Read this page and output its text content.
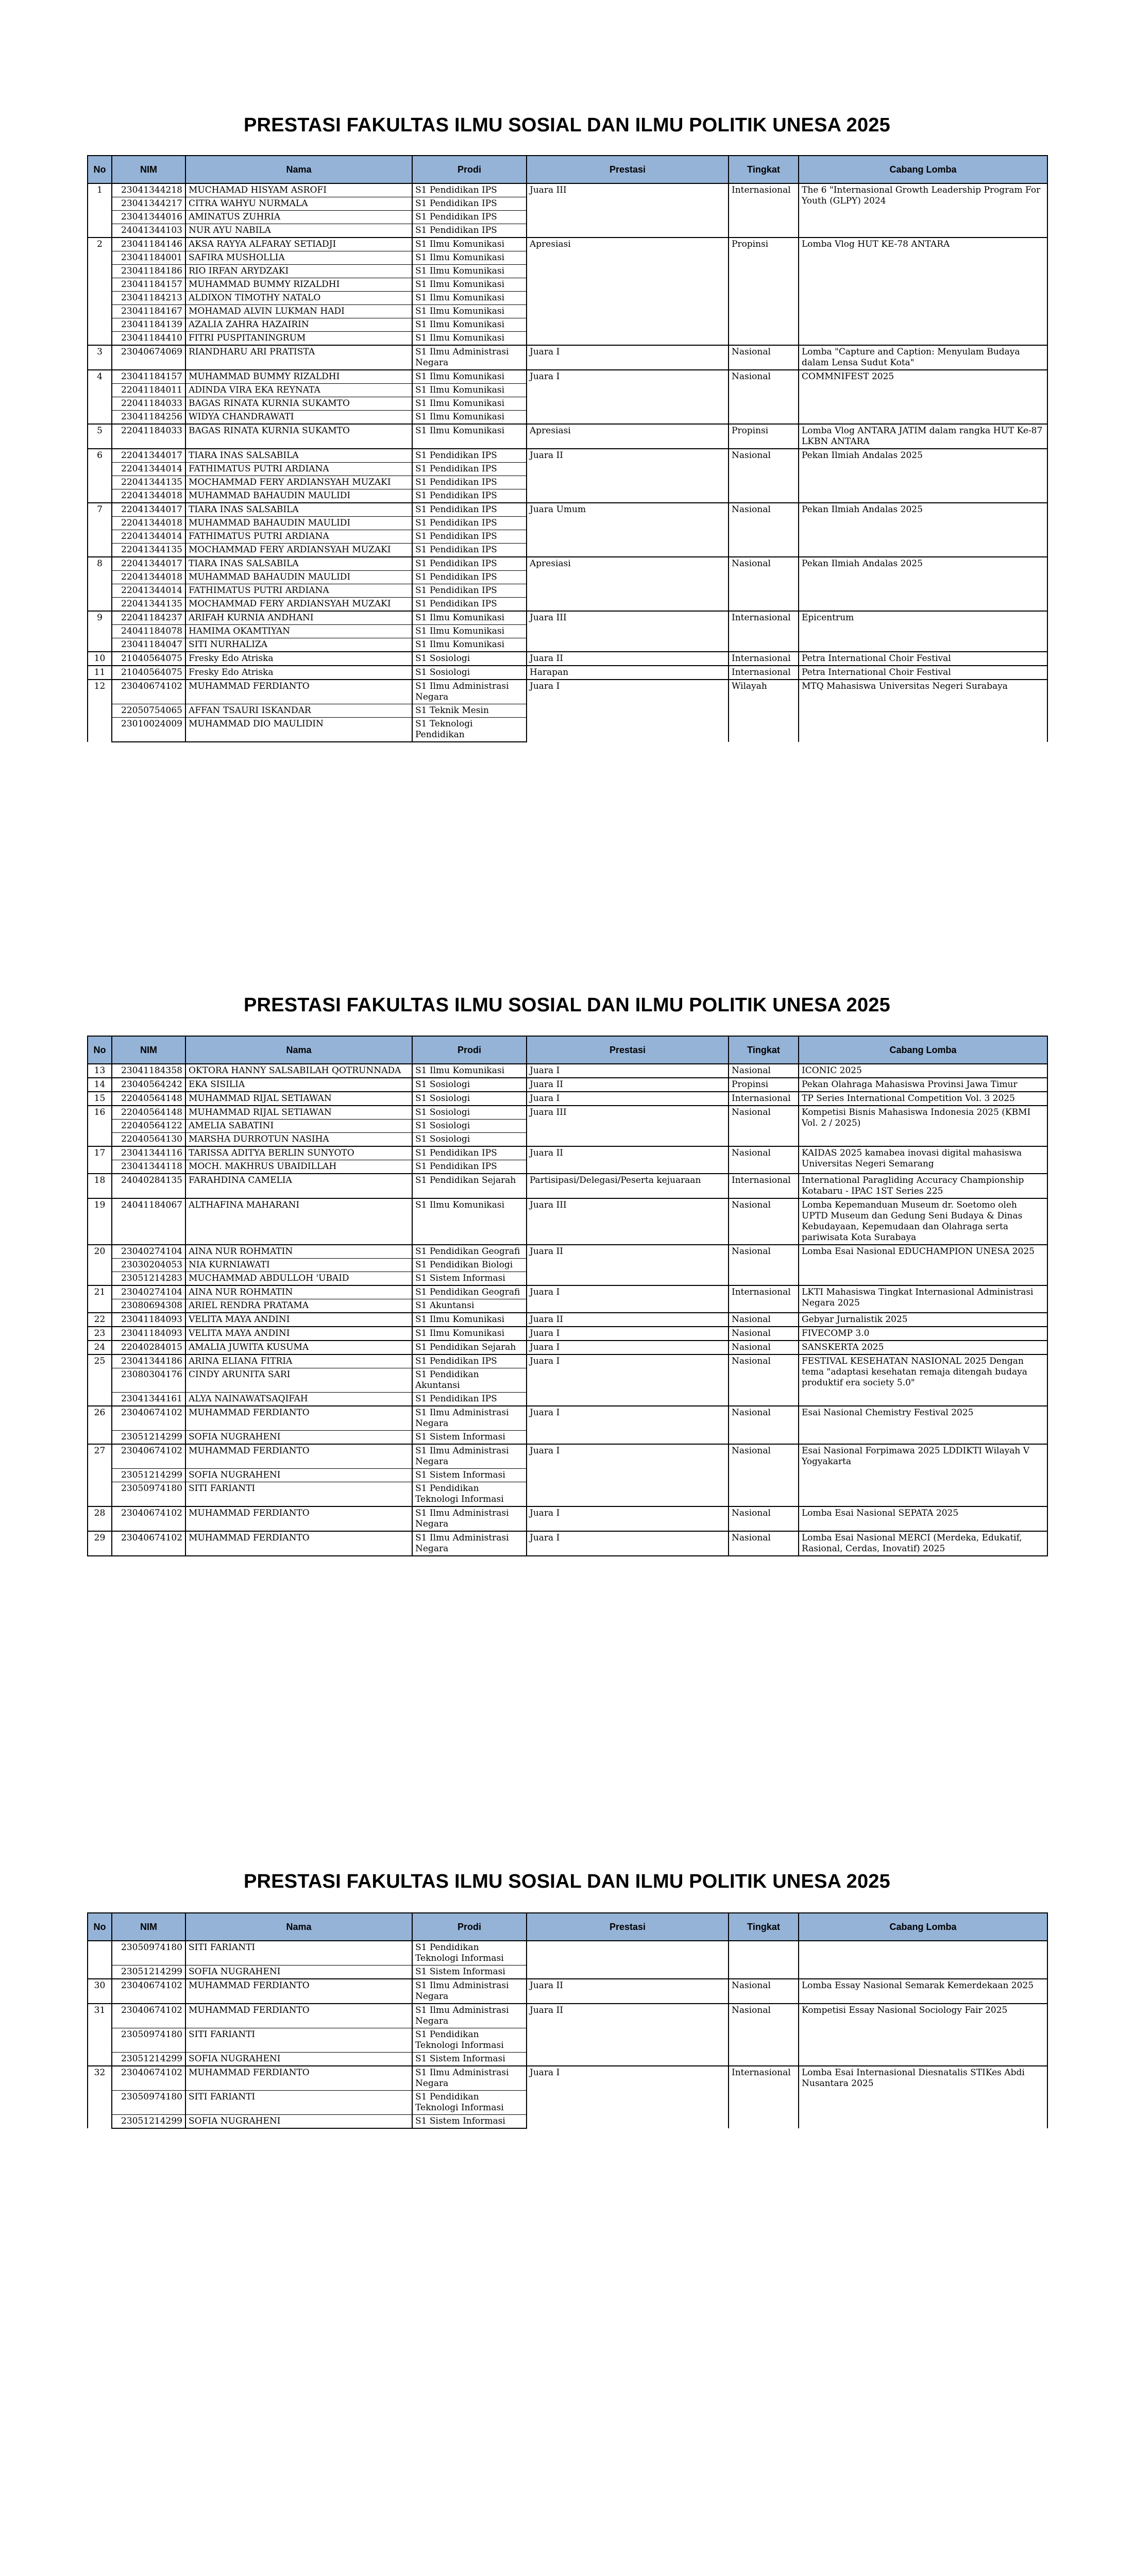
PRESTASI FAKULTAS ILMU SOSIAL DAN ILMU POLITIK UNESA 2025
No	NIM	Nama	Prodi	Prestasi	Tingkat	Cabang Lomba
1	23041344218	MUCHAMAD HISYAM ASROFI	S1 Pendidikan IPS	Juara III	Internasional	The 6 "Internasional Growth Leadership Program For Youth (GLPY) 2024
	23041344217	CITRA WAHYU NURMALA	S1 Pendidikan IPS			
	23041344016	AMINATUS ZUHRIA	S1 Pendidikan IPS			
	24041344103	NUR AYU NABILA	S1 Pendidikan IPS			
2	23041184146	AKSA RAYYA ALFARAY SETIADJI	S1 Ilmu Komunikasi	Apresiasi	Propinsi	Lomba Vlog HUT KE-78 ANTARA
	23041184001	SAFIRA MUSHOLLIA	S1 Ilmu Komunikasi			
	23041184186	RIO IRFAN ARYDZAKI	S1 Ilmu Komunikasi			
	23041184157	MUHAMMAD BUMMY RIZALDHI	S1 Ilmu Komunikasi			
	23041184213	ALDIXON TIMOTHY NATALO	S1 Ilmu Komunikasi			
	23041184167	MOHAMAD ALVIN LUKMAN HADI	S1 Ilmu Komunikasi			
	23041184139	AZALIA ZAHRA HAZAIRIN	S1 Ilmu Komunikasi			
	23041184410	FITRI PUSPITANINGRUM	S1 Ilmu Komunikasi			
3	23040674069	RIANDHARU ARI PRATISTA	S1 Ilmu Administrasi Negara	Juara I	Nasional	Lomba "Capture and Caption: Menyulam Budaya dalam Lensa Sudut Kota"
4	23041184157	MUHAMMAD BUMMY RIZALDHI	S1 Ilmu Komunikasi	Juara I	Nasional	COMMNIFEST 2025
	22041184011	ADINDA VIRA EKA REYNATA	S1 Ilmu Komunikasi			
	22041184033	BAGAS RINATA KURNIA SUKAMTO	S1 Ilmu Komunikasi			
	23041184256	WIDYA CHANDRAWATI	S1 Ilmu Komunikasi			
5	22041184033	BAGAS RINATA KURNIA SUKAMTO	S1 Ilmu Komunikasi	Apresiasi	Propinsi	Lomba Vlog ANTARA JATIM dalam rangka HUT Ke-87 LKBN ANTARA
6	22041344017	TIARA INAS SALSABILA	S1 Pendidikan IPS	Juara II	Nasional	Pekan Ilmiah Andalas 2025
	22041344014	FATHIMATUS PUTRI ARDIANA	S1 Pendidikan IPS			
	22041344135	MOCHAMMAD FERY ARDIANSYAH MUZAKI	S1 Pendidikan IPS			
	22041344018	MUHAMMAD BAHAUDIN MAULIDI	S1 Pendidikan IPS			
7	22041344017	TIARA INAS SALSABILA	S1 Pendidikan IPS	Juara Umum	Nasional	Pekan Ilmiah Andalas 2025
	22041344018	MUHAMMAD BAHAUDIN MAULIDI	S1 Pendidikan IPS			
	22041344014	FATHIMATUS PUTRI ARDIANA	S1 Pendidikan IPS			
	22041344135	MOCHAMMAD FERY ARDIANSYAH MUZAKI	S1 Pendidikan IPS			
8	22041344017	TIARA INAS SALSABILA	S1 Pendidikan IPS	Apresiasi	Nasional	Pekan Ilmiah Andalas 2025
	22041344018	MUHAMMAD BAHAUDIN MAULIDI	S1 Pendidikan IPS			
	22041344014	FATHIMATUS PUTRI ARDIANA	S1 Pendidikan IPS			
	22041344135	MOCHAMMAD FERY ARDIANSYAH MUZAKI	S1 Pendidikan IPS			
9	22041184237	ARIFAH KURNIA ANDHANI	S1 Ilmu Komunikasi	Juara III	Internasional	Epicentrum
	24041184078	HAMIMA OKAMTIYAN	S1 Ilmu Komunikasi			
	23041184047	SITI NURHALIZA	S1 Ilmu Komunikasi			
10	21040564075	Fresky Edo Atriska	S1 Sosiologi	Juara II	Internasional	Petra International Choir Festival
11	21040564075	Fresky Edo Atriska	S1 Sosiologi	Harapan	Internasional	Petra International Choir Festival
12	23040674102	MUHAMMAD FERDIANTO	S1 Ilmu Administrasi Negara	Juara I	Wilayah	MTQ Mahasiswa Universitas Negeri Surabaya
	22050754065	AFFAN TSAURI ISKANDAR	S1 Teknik Mesin			
	23010024009	MUHAMMAD DIO MAULIDIN	S1 Teknologi Pendidikan			
PRESTASI FAKULTAS ILMU SOSIAL DAN ILMU POLITIK UNESA 2025
No	NIM	Nama	Prodi	Prestasi	Tingkat	Cabang Lomba
13	23041184358	OKTORA HANNY SALSABILAH QOTRUNNADA	S1 Ilmu Komunikasi	Juara I	Nasional	ICONIC 2025
14	23040564242	EKA SISILIA	S1 Sosiologi	Juara II	Propinsi	Pekan Olahraga Mahasiswa Provinsi Jawa Timur
15	22040564148	MUHAMMAD RIJAL SETIAWAN	S1 Sosiologi	Juara I	Internasional	TP Series International Competition Vol. 3 2025
16	22040564148	MUHAMMAD RIJAL SETIAWAN	S1 Sosiologi	Juara III	Nasional	Kompetisi Bisnis Mahasiswa Indonesia 2025 (KBMI Vol. 2 / 2025)
	22040564122	AMELIA SABATINI	S1 Sosiologi			
	22040564130	MARSHA DURROTUN NASIHA	S1 Sosiologi			
17	23041344116	TARISSA ADITYA BERLIN SUNYOTO	S1 Pendidikan IPS	Juara II	Nasional	KAIDAS 2025 kamabea inovasi digital mahasiswa Universitas Negeri Semarang
	23041344118	MOCH. MAKHRUS UBAIDILLAH	S1 Pendidikan IPS			
18	24040284135	FARAHDINA CAMELIA	S1 Pendidikan Sejarah	Partisipasi/Delegasi/Peserta kejuaraan	Internasional	International Paragliding Accuracy Championship Kotabaru - IPAC 1ST Series 225
19	24041184067	ALTHAFINA MAHARANI	S1 Ilmu Komunikasi	Juara III	Nasional	Lomba Kepemanduan Museum dr. Soetomo oleh UPTD Museum dan Gedung Seni Budaya & Dinas Kebudayaan, Kepemudaan dan Olahraga serta pariwisata Kota Surabaya
20	23040274104	AINA NUR ROHMATIN	S1 Pendidikan Geografi	Juara II	Nasional	Lomba Esai Nasional EDUCHAMPION UNESA 2025
	23030204053	NIA KURNIAWATI	S1 Pendidikan Biologi			
	23051214283	MUCHAMMAD ABDULLOH 'UBAID	S1 Sistem Informasi			
21	23040274104	AINA NUR ROHMATIN	S1 Pendidikan Geografi	Juara I	Internasional	LKTI Mahasiswa Tingkat Internasional Administrasi Negara 2025
	23080694308	ARIEL RENDRA PRATAMA	S1 Akuntansi			
22	23041184093	VELITA MAYA ANDINI	S1 Ilmu Komunikasi	Juara II	Nasional	Gebyar Jurnalistik 2025
23	23041184093	VELITA MAYA ANDINI	S1 Ilmu Komunikasi	Juara I	Nasional	FIVECOMP 3.0
24	22040284015	AMALIA JUWITA KUSUMA	S1 Pendidikan Sejarah	Juara I	Nasional	SANSKERTA 2025
25	23041344186	ARINA ELIANA FITRIA	S1 Pendidikan IPS	Juara I	Nasional	FESTIVAL KESEHATAN NASIONAL 2025 Dengan tema "adaptasi kesehatan remaja ditengah budaya produktif era society 5.0"
	23080304176	CINDY ARUNITA SARI	S1 Pendidikan Akuntansi			
	23041344161	ALYA NAINAWATSAQIFAH	S1 Pendidikan IPS			
26	23040674102	MUHAMMAD FERDIANTO	S1 Ilmu Administrasi Negara	Juara I	Nasional	Esai Nasional Chemistry Festival 2025
	23051214299	SOFIA NUGRAHENI	S1 Sistem Informasi			
27	23040674102	MUHAMMAD FERDIANTO	S1 Ilmu Administrasi Negara	Juara I	Nasional	Esai Nasional Forpimawa 2025 LDDIKTI Wilayah V Yogyakarta
	23051214299	SOFIA NUGRAHENI	S1 Sistem Informasi			
	23050974180	SITI FARIANTI	S1 Pendidikan Teknologi Informasi			
28	23040674102	MUHAMMAD FERDIANTO	S1 Ilmu Administrasi Negara	Juara I	Nasional	Lomba Esai Nasional SEPATA 2025
29	23040674102	MUHAMMAD FERDIANTO	S1 Ilmu Administrasi Negara	Juara I	Nasional	Lomba Esai Nasional MERCI (Merdeka, Edukatif, Rasional, Cerdas, Inovatif) 2025
PRESTASI FAKULTAS ILMU SOSIAL DAN ILMU POLITIK UNESA 2025
No	NIM	Nama	Prodi	Prestasi	Tingkat	Cabang Lomba
	23050974180	SITI FARIANTI	S1 Pendidikan Teknologi Informasi			
	23051214299	SOFIA NUGRAHENI	S1 Sistem Informasi			
30	23040674102	MUHAMMAD FERDIANTO	S1 Ilmu Administrasi Negara	Juara II	Nasional	Lomba Essay Nasional Semarak Kemerdekaan 2025
31	23040674102	MUHAMMAD FERDIANTO	S1 Ilmu Administrasi Negara	Juara II	Nasional	Kompetisi Essay Nasional Sociology Fair 2025
	23050974180	SITI FARIANTI	S1 Pendidikan Teknologi Informasi			
	23051214299	SOFIA NUGRAHENI	S1 Sistem Informasi			
32	23040674102	MUHAMMAD FERDIANTO	S1 Ilmu Administrasi Negara	Juara I	Internasional	Lomba Esai Internasional Diesnatalis STIKes Abdi Nusantara 2025
	23050974180	SITI FARIANTI	S1 Pendidikan Teknologi Informasi			
	23051214299	SOFIA NUGRAHENI	S1 Sistem Informasi			
